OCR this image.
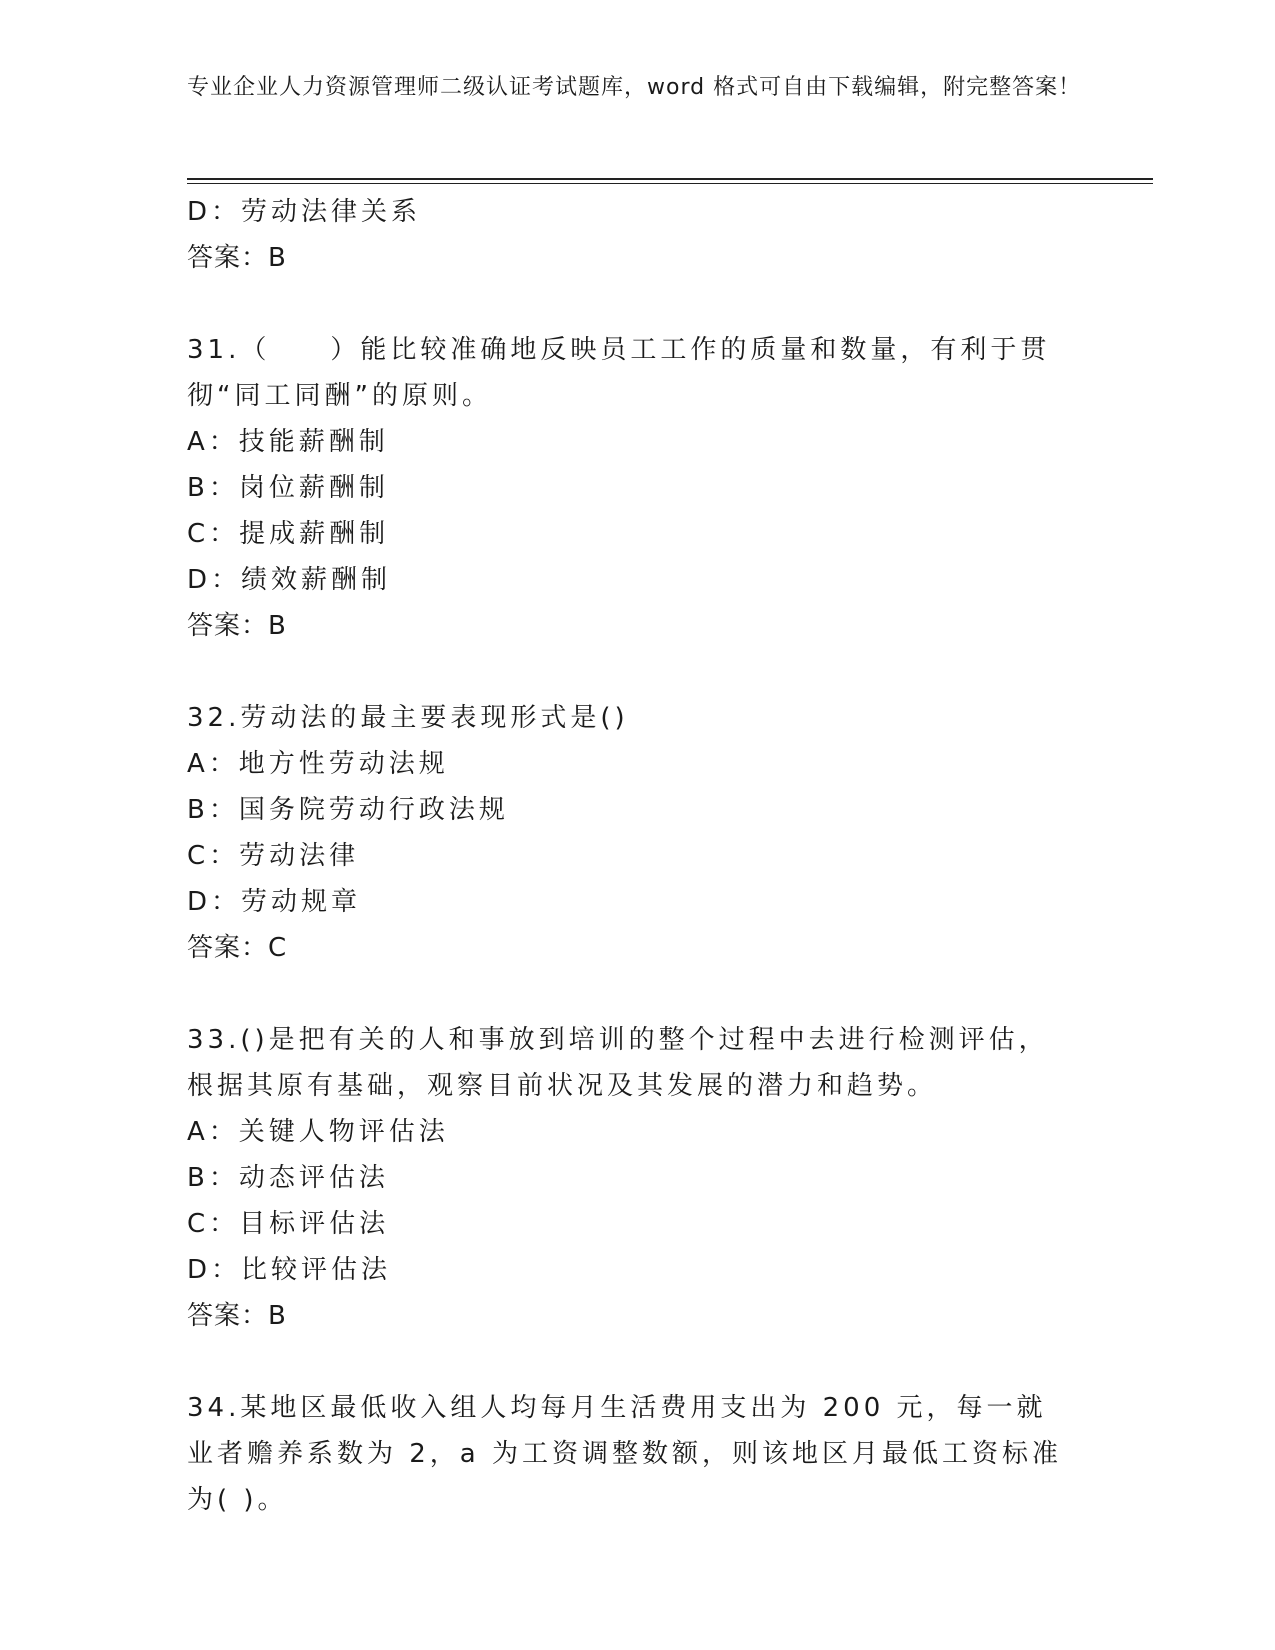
专业企业人力资源管理师二级认证考试题库，word 格式可自由下载编辑，附完整答案！
D：劳动法律关系
答案：B
31.（　　）能比较准确地反映员工工作的质量和数量，有利于贯彻“同工同酬”的原则。
A：技能薪酬制
B：岗位薪酬制
C：提成薪酬制
D：绩效薪酬制
答案：B
32.劳动法的最主要表现形式是()
A：地方性劳动法规
B：国务院劳动行政法规
C：劳动法律
D：劳动规章
答案：C
33.()是把有关的人和事放到培训的整个过程中去进行检测评估，根据其原有基础，观察目前状况及其发展的潜力和趋势。
A：关键人物评估法
B：动态评估法
C：目标评估法
D：比较评估法
答案：B
34.某地区最低收入组人均每月生活费用支出为 200 元，每一就业者赡养系数为 2，a 为工资调整数额，则该地区月最低工资标准为( )。
